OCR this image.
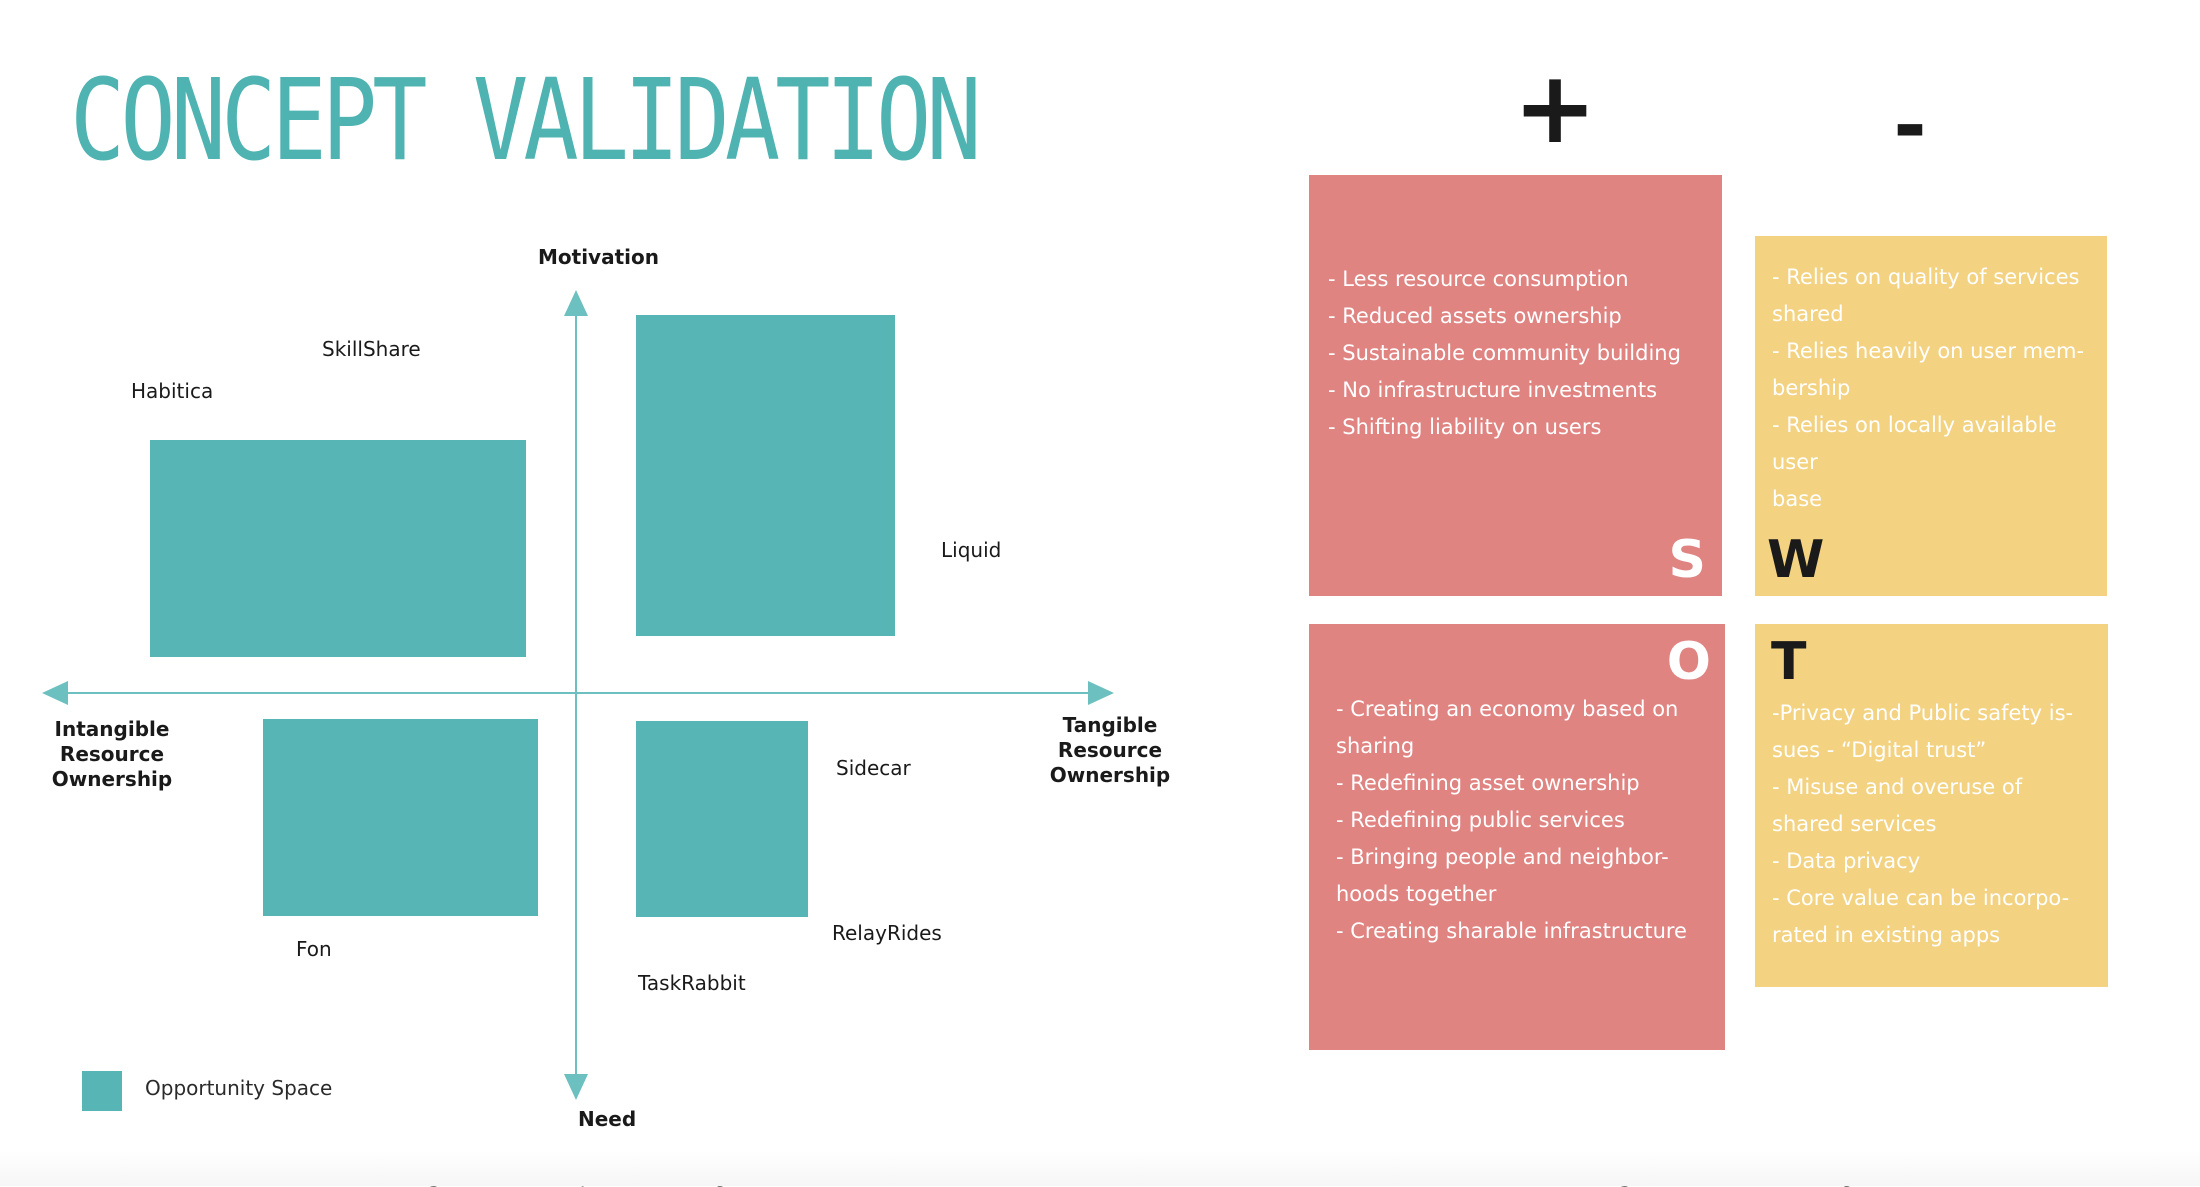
CONCEPT VALIDATION
Motivation
Need
Intangible
Resource
Ownership
Tangible
Resource
Ownership
SkillShare
Habitica
Liquid
Sidecar
Fon
RelayRides
TaskRabbit
Opportunity Space
+	-
- Less resource consumption
- Reduced assets ownership
- Sustainable community building
- No infrastructure investments
- Shifting liability on users
S
- Relies on quality of services
shared
- Relies heavily on user mem-
bership
- Relies on locally available user
base
W
O
- Creating an economy based on
sharing
- Redefining asset ownership
- Redefining public services
- Bringing people and neighbor-
hoods together
- Creating sharable infrastructure
T
-Privacy and Public safety is-
sues - “Digital trust”
- Misuse and overuse of
shared services
- Data privacy
- Core value can be incorpo-
rated in existing apps
